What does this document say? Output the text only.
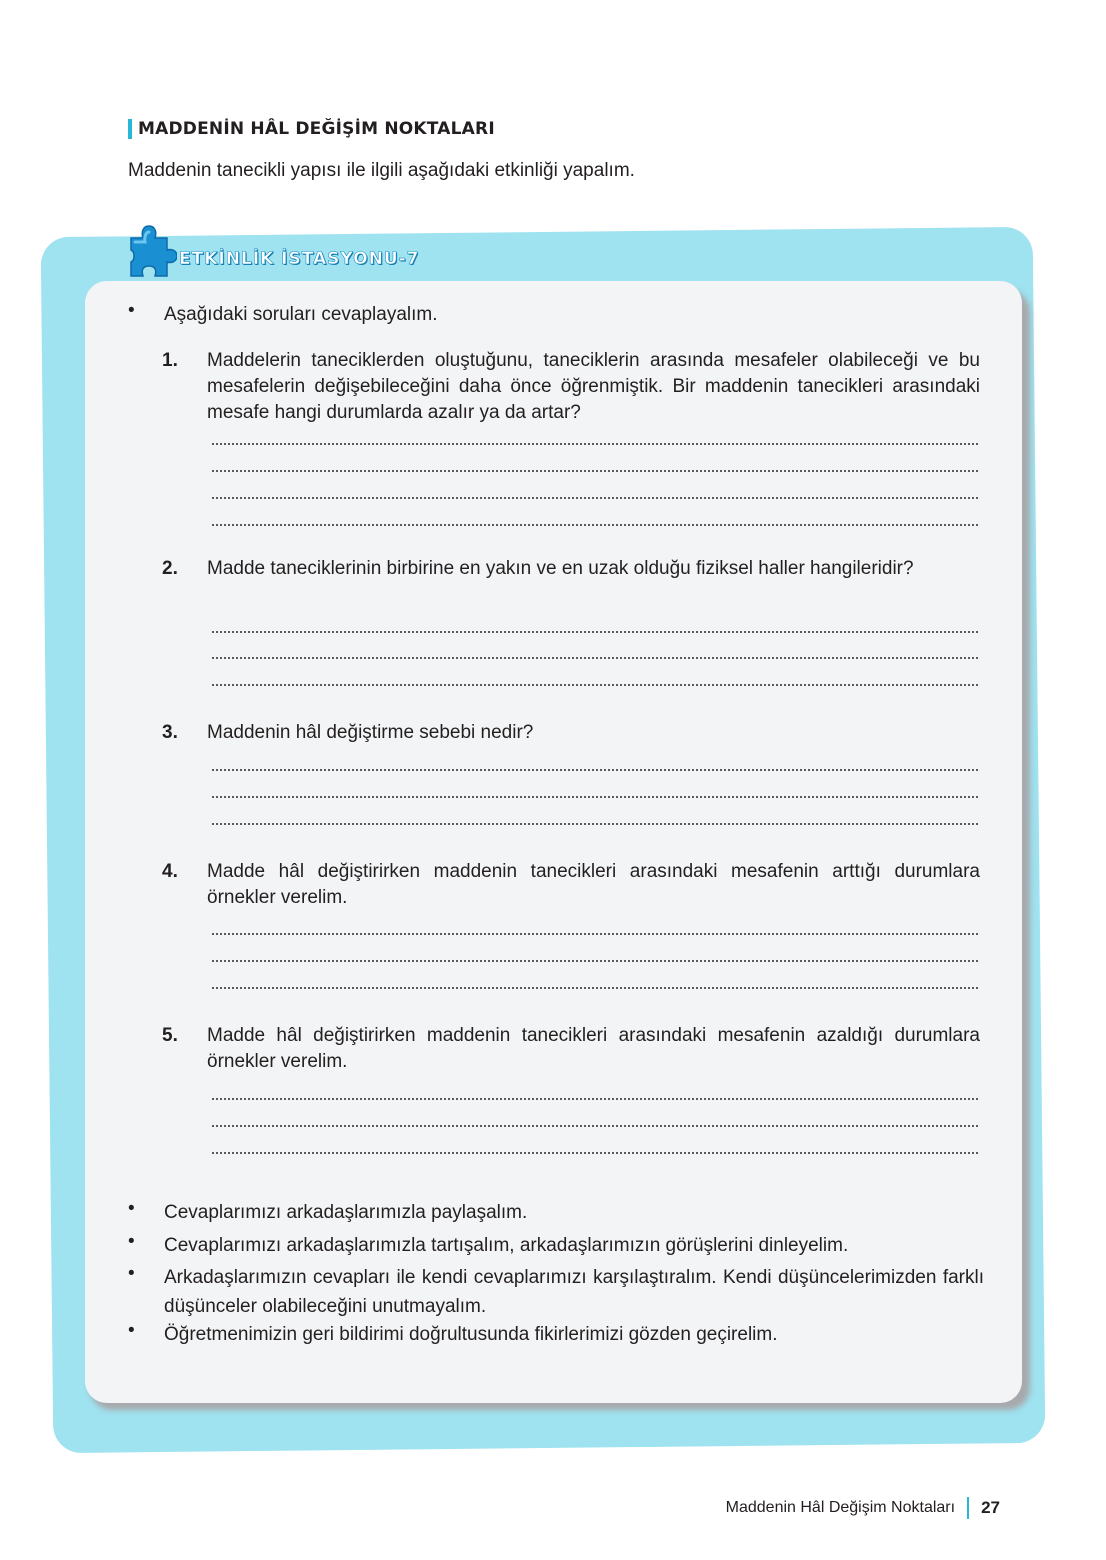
MADDENİN HÂL DEĞİŞİM NOKTALARI
Maddenin tanecikli yapısı ile ilgili aşağıdaki etkinliği yapalım.
ETKİNLİK İSTASYONU-7
• Aşağıdaki soruları cevaplayalım.
1.	Maddelerin taneciklerden oluştuğunu, taneciklerin arasında mesafeler olabileceği ve bu mesafelerin değişebileceğini daha önce öğrenmiştik. Bir maddenin tanecikleri arasındaki mesafe hangi durumlarda azalır ya da artar?
2.	Madde taneciklerinin birbirine en yakın ve en uzak olduğu fiziksel haller hangileridir?
3.	Maddenin hâl değiştirme sebebi nedir?
4.	Madde hâl değiştirirken maddenin tanecikleri arasındaki mesafenin arttığı durumlara örnekler verelim.
5.	Madde hâl değiştirirken maddenin tanecikleri arasındaki mesafenin azaldığı durumlara örnekler verelim.
• Cevaplarımızı arkadaşlarımızla paylaşalım.
• Cevaplarımızı arkadaşlarımızla tartışalım, arkadaşlarımızın görüşlerini dinleyelim.
• Arkadaşlarımızın cevapları ile kendi cevaplarımızı karşılaştıralım. Kendi düşüncelerimizden farklı düşünceler olabileceğini unutmayalım.
• Öğretmenimizin geri bildirimi doğrultusunda fikirlerimizi gözden geçirelim.
Maddenin Hâl Değişim Noktaları 27
